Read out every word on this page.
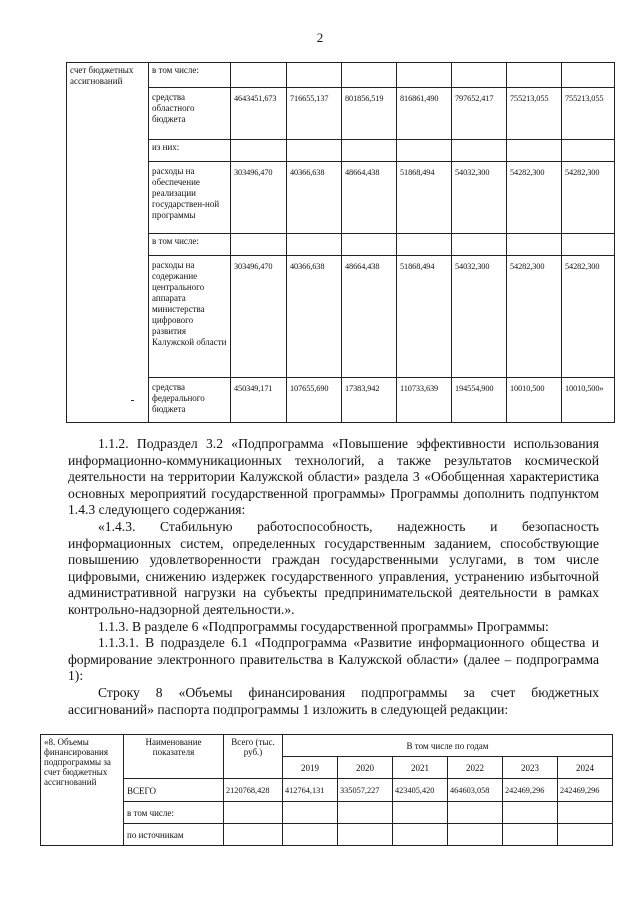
2
счет бюджетных ассигнований	в том числе:							
	средства областного бюджета	4643451,673	716655,137	801856,519	816861,490	797652,417	755213,055	755213,055
	из них:							
	расходы на обеспечение реализации государствен-ной программы	303496,470	40366,638	48664,438	51868,494	54032,300	54282,300	54282,300
	в том числе:							
	расходы на содержание центрального аппарата министерства цифрового развития Калужской области	303496,470	40366,638	48664,438	51868,494	54032,300	54282,300	54282,300
	средства федерального бюджета	450349,171	107655,690	17383,942	110733,639	194554,900	10010,500	10010,500»

1.1.2. Подраздел 3.2 «Подпрограмма «Повышение эффективности использования информационно-коммуникационных технологий, а также результатов космической деятельности на территории Калужской области» раздела 3 «Обобщенная характеристика основных мероприятий государственной программы» Программы дополнить подпунктом 1.4.3 следующего содержания:

«1.4.3. Стабильную работоспособность, надежность и безопасность информационных систем, определенных государственным заданием, способствующие повышению удовлетворенности граждан государственными услугами, в том числе цифровыми, снижению издержек государственного управления, устранению избыточной административной нагрузки на субъекты предпринимательской деятельности в рамках контрольно-надзорной деятельности.».

1.1.3. В разделе 6 «Подпрограммы государственной программы» Программы:

1.1.3.1. В подразделе 6.1 «Подпрограмма «Развитие информационного общества и формирование электронного правительства в Калужской области» (далее – подпрограмма 1):

Строку 8 «Объемы финансирования подпрограммы за счет бюджетных ассигнований» паспорта подпрограммы 1 изложить в следующей редакции:

«8. Объемы финансирования подпрограммы за счет бюджетных ассигнований	Наименование показателя	Всего (тыс. руб.)	В том числе по годам					
			2019	2020	2021	2022	2023	2024
	ВСЕГО	2120768,428	412764,131	335057,227	423405,420	464603,058	242469,296	242469,296
	в том числе:							
	по источникам							
